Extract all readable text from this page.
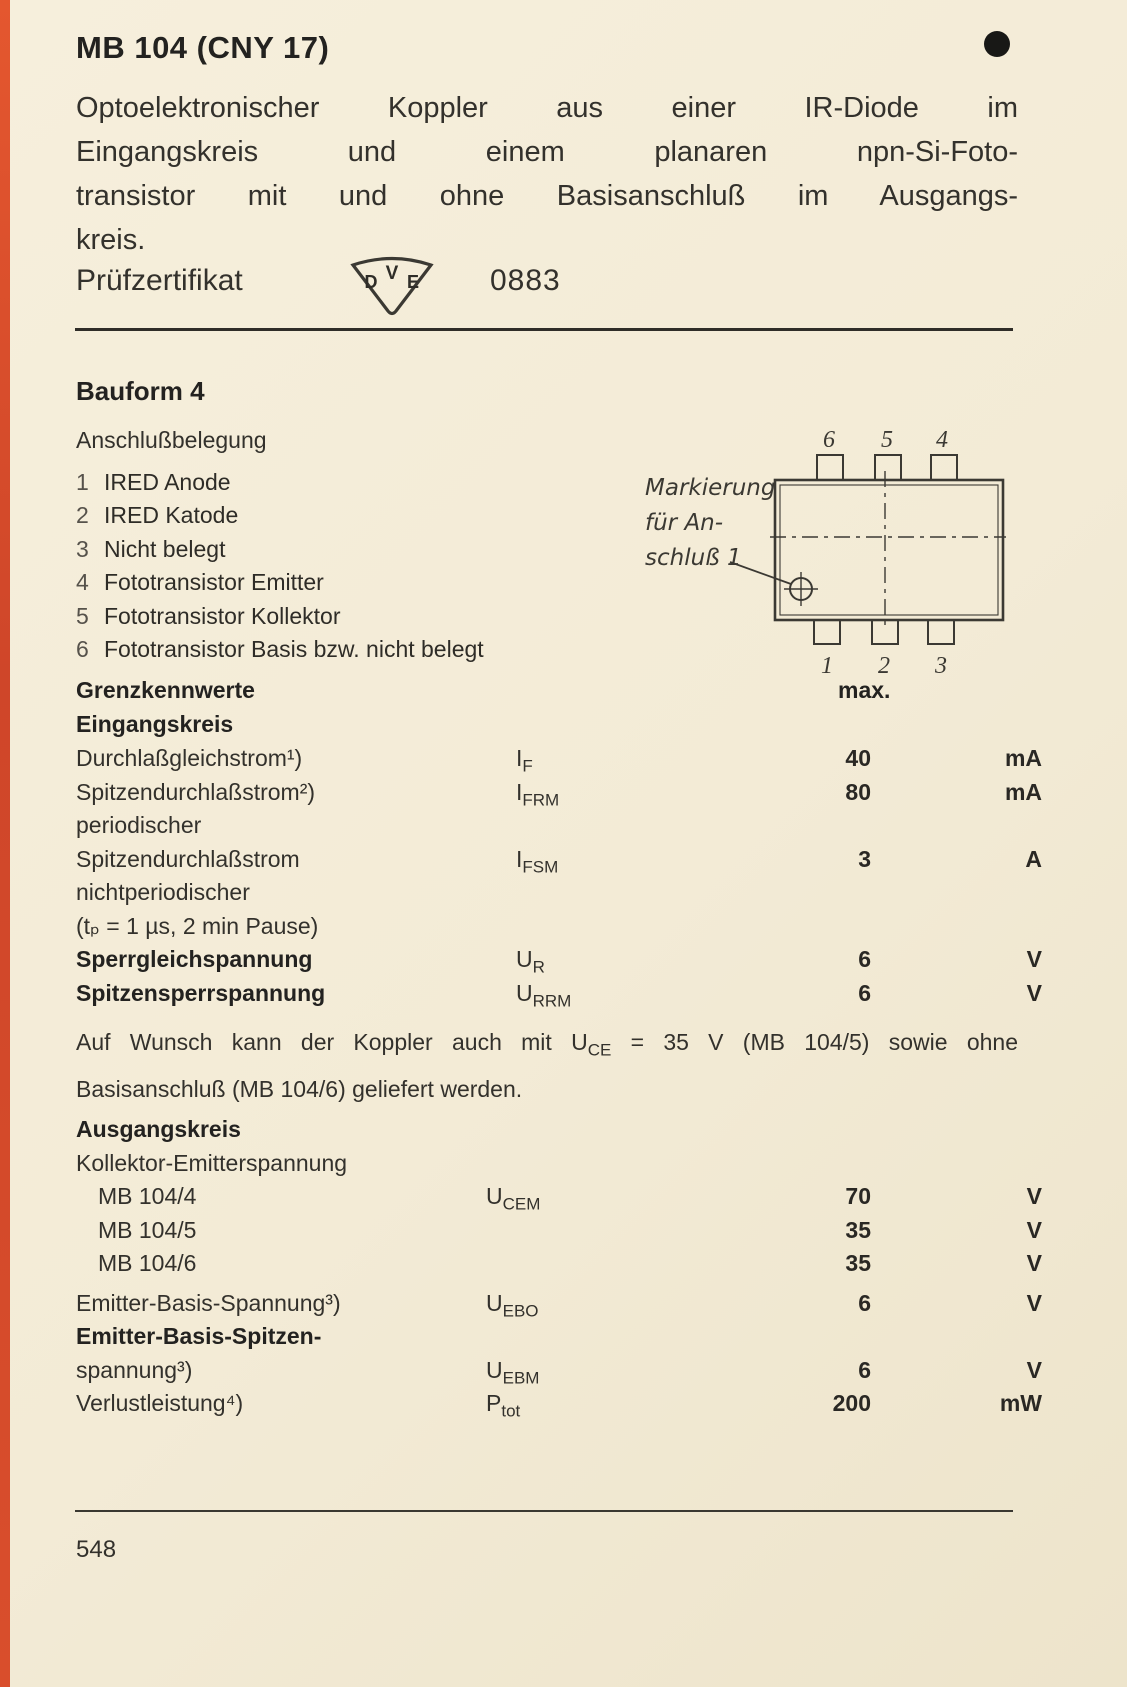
MB 104 (CNY 17)
Optoelektronischer Koppler aus einer IR-Diode im
Eingangskreis und einem planaren npn-Si-Foto-
transistor mit und ohne Basisanschluß im Ausgangs-
kreis.
Prüfzertifikat	D V E 0883
Bauform 4
Anschlußbelegung
1 IRED Anode
2 IRED Katode
3 Nicht belegt
4 Fototransistor Emitter
5 Fototransistor Kollektor
6 Fototransistor Basis bzw. nicht belegt
Markierung
für An-
schluß 1
6 5 4
1 2 3
Grenzkennwerte	max.
Eingangskreis
Durchlaßgleichstrom¹)	$I_F$	40	mA
Spitzendurchlaßstrom²)	$I_{FRM}$	80	mA
periodischer
Spitzendurchlaßstrom	$I_{FSM}$	3	A
nichtperiodischer
(tₚ = 1 µs, 2 min Pause)
Sperrgleichspannung	$U_R$	6	V
Spitzensperrspannung	$U_{RRM}$	6	V

Auf Wunsch kann der Koppler auch mit $U_{CE} = 35$ V (MB 104/5) sowie ohne

Basisanschluß (MB 104/6) geliefert werden.

Ausgangskreis
Kollektor-Emitterspannung
MB 104/4	$U_{CEM}$	70	V
MB 104/5	35	V
MB 104/6	35	V
Emitter-Basis-Spannung³)	$U_{EBO}$	6	V
Emitter-Basis-Spitzen-
spannung³)	$U_{EBM}$	6	V
Verlustleistung⁴)	$P_{tot}$	200	mW
548
